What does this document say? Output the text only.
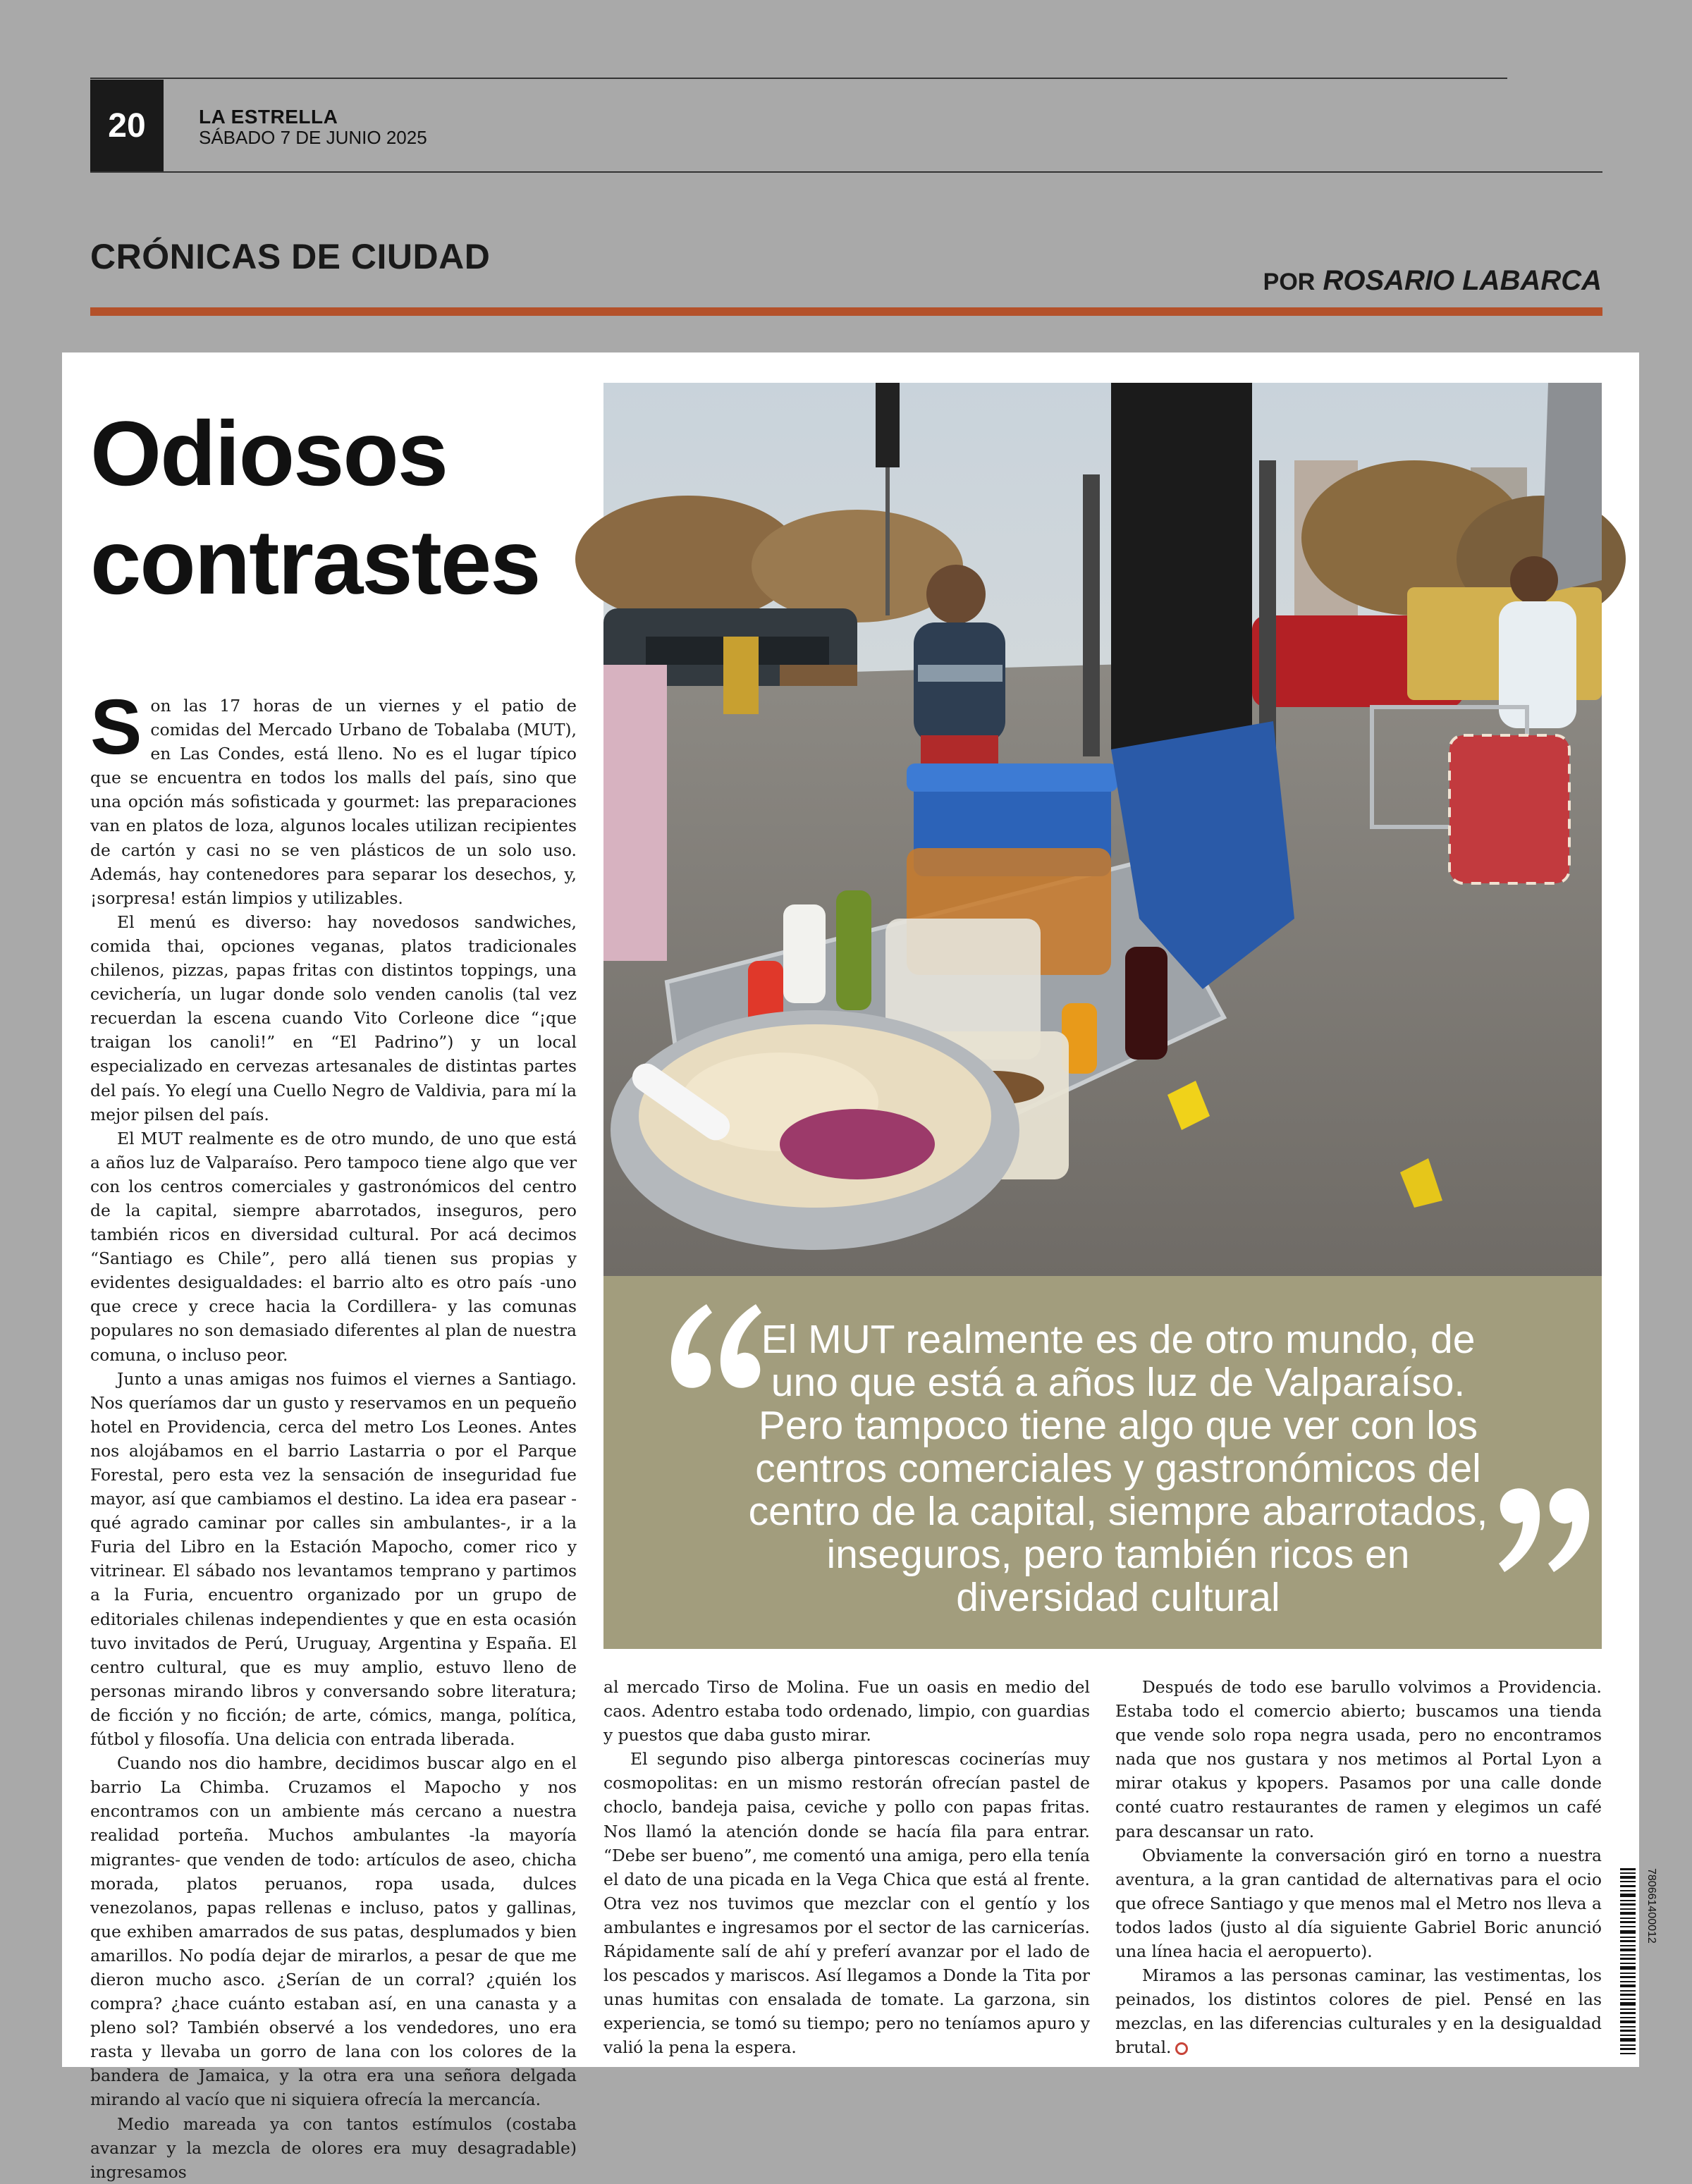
20	LA ESTRELLA
SÁBADO 7 DE JUNIO 2025
CRÓNICAS DE CIUDAD
POR ROSARIO LABARCA
Odiosos contrastes

Son las 17 horas de un viernes y el patio de comidas del Mercado Urbano de Tobalaba (MUT), en Las Condes, está lleno. No es el lugar típico que se encuentra en todos los malls del país, sino que una opción más sofisticada y gourmet: las preparaciones van en platos de loza, algunos locales utilizan recipientes de cartón y casi no se ven plásticos de un solo uso. Además, hay contenedores para separar los desechos, y, ¡sorpresa! están limpios y utilizables.

El menú es diverso: hay novedosos sandwiches, comida thai, opciones veganas, platos tradicionales chilenos, pizzas, papas fritas con distintos toppings, una cevichería, un lugar donde solo venden canolis (tal vez recuerdan la escena cuando Vito Corleone dice “¡que traigan los canoli!” en “El Padrino”) y un local especializado en cervezas artesanales de distintas partes del país. Yo elegí una Cuello Negro de Valdivia, para mí la mejor pilsen del país.

El MUT realmente es de otro mundo, de uno que está a años luz de Valparaíso. Pero tampoco tiene algo que ver con los centros comerciales y gastronómicos del centro de la capital, siempre abarrotados, inseguros, pero también ricos en diversidad cultural. Por acá decimos “Santiago es Chile”, pero allá tienen sus propias y evidentes desigualdades: el barrio alto es otro país -uno que crece y crece hacia la Cordillera- y las comunas populares no son demasiado diferentes al plan de nuestra comuna, o incluso peor.

Junto a unas amigas nos fuimos el viernes a Santiago. Nos queríamos dar un gusto y reservamos en un pequeño hotel en Providencia, cerca del metro Los Leones. Antes nos alojábamos en el barrio Lastarria o por el Parque Forestal, pero esta vez la sensación de inseguridad fue mayor, así que cambiamos el destino. La idea era pasear -qué agrado caminar por calles sin ambulantes-, ir a la Furia del Libro en la Estación Mapocho, comer rico y vitrinear. El sábado nos levantamos temprano y partimos a la Furia, encuentro organizado por un grupo de editoriales chilenas independientes y que en esta ocasión tuvo invitados de Perú, Uruguay, Argentina y España. El centro cultural, que es muy amplio, estuvo lleno de personas mirando libros y conversando sobre literatura; de ficción y no ficción; de arte, cómics, manga, política, fútbol y filosofía. Una delicia con entrada liberada.

Cuando nos dio hambre, decidimos buscar algo en el barrio La Chimba. Cruzamos el Mapocho y nos encontramos con un ambiente más cercano a nuestra realidad porteña. Muchos ambulantes -la mayoría migrantes- que venden de todo: artículos de aseo, chicha morada, platos peruanos, ropa usada, dulces venezolanos, papas rellenas e incluso, patos y gallinas, que exhiben amarrados de sus patas, desplumados y bien amarillos. No podía dejar de mirarlos, a pesar de que me dieron mucho asco. ¿Serían de un corral? ¿quién los compra? ¿hace cuánto estaban así, en una canasta y a pleno sol? También observé a los vendedores, uno era rasta y llevaba un gorro de lana con los colores de la bandera de Jamaica, y la otra era una señora delgada mirando al vacío que ni siquiera ofrecía la mercancía.

Medio mareada ya con tantos estímulos (costaba avanzar y la mezcla de olores era muy desagradable) ingresamos

El MUT realmente es de otro mundo, de uno que está a años luz de Valparaíso. Pero tampoco tiene algo que ver con los centros comerciales y gastronómicos del centro de la capital, siempre abarrotados, inseguros, pero también ricos en diversidad cultural

al mercado Tirso de Molina. Fue un oasis en medio del caos. Adentro estaba todo ordenado, limpio, con guardias y puestos que daba gusto mirar.

El segundo piso alberga pintorescas cocinerías muy cosmopolitas: en un mismo restorán ofrecían pastel de choclo, bandeja paisa, ceviche y pollo con papas fritas. Nos llamó la atención donde se hacía fila para entrar. “Debe ser bueno”, me comentó una amiga, pero ella tenía el dato de una picada en la Vega Chica que está al frente. Otra vez nos tuvimos que mezclar con el gentío y los ambulantes e ingresamos por el sector de las carnicerías. Rápidamente salí de ahí y preferí avanzar por el lado de los pescados y mariscos. Así llegamos a Donde la Tita por unas humitas con ensalada de tomate. La garzona, sin experiencia, se tomó su tiempo; pero no teníamos apuro y valió la pena la espera.

Después de todo ese barullo volvimos a Providencia. Estaba todo el comercio abierto; buscamos una tienda que vende solo ropa negra usada, pero no encontramos nada que nos gustara y nos metimos al Portal Lyon a mirar otakus y kpopers. Pasamos por una calle donde conté cuatro restaurantes de ramen y elegimos un café para descansar un rato.

Obviamente la conversación giró en torno a nuestra aventura, a la gran cantidad de alternativas para el ocio que ofrece Santiago y que menos mal el Metro nos lleva a todos lados (justo al día siguiente Gabriel Boric anunció una línea hacia el aeropuerto).

Miramos a las personas caminar, las vestimentas, los peinados, los distintos colores de piel. Pensé en las mezclas, en las diferencias culturales y en la desigualdad brutal.

780661400012
